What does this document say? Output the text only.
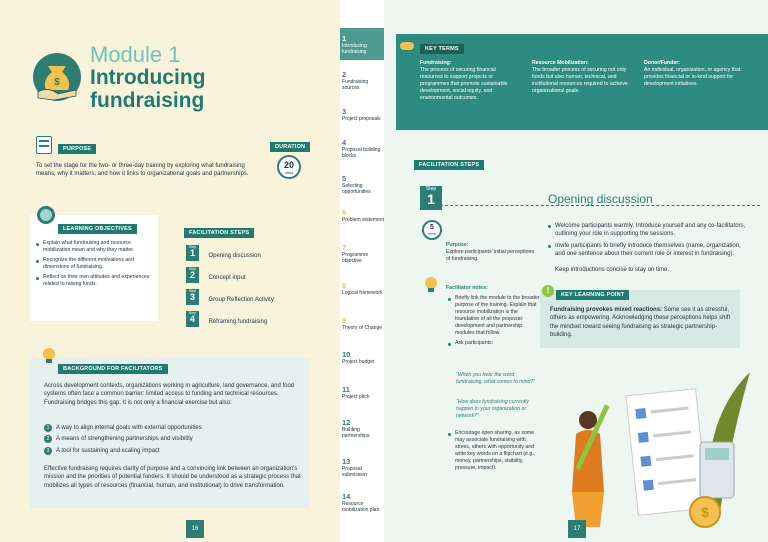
$
Module 1
Introducing
fundraising
PURPOSE
To set the stage for the two- or three-day training by exploring what fundraising means, why it matters, and how it links to organizational goals and partnerships.
DURATION
20
mins
LEARNING OBJECTIVES
Explain what fundraising and resource mobilization mean and why they matter.
Recognize the different motivations and dimensions of fundraising.
Reflect on their own attitudes and experiences related to raising funds.
FACILITATION STEPS
Step
1	Opening discussion
Step
2	Concept input
Step
3	Group Reflection Activity
Step
4	Reframing fundraising
BACKGROUND FOR FACILITATORS
Across development contexts, organizations working in agriculture, land governance, and food systems often face a common barrier: limited access to funding and technical resources. Fundraising bridges this gap. It is not only a financial exercise but also:
1 A way to align internal goals with external opportunities
2 A means of strengthening partnerships and visibility
3 A tool for sustaining and scaling impact
Effective fundraising requires clarity of purpose and a convincing link between an organization’s mission and the priorities of potential funders. It should be understood as a strategic process that mobilizes all types of resources (financial, human, and institutional) to drive transformation.
16
1
Introducing fundraising
2
Fundraising sources
3
Project proposals
4
Proposal building blocks
5
Selecting opportunities
6
Problem statement
7
Programme objective
8
Logical framework
9
Theory of Change
10
Project budget
11
Project pitch
12
Building partnerships
13
Proposal submission
14
Resource mobilization plan
KEY TERMS
Fundraising:
The process of securing financial resources to support projects or programmes that promote sustainable development, social equity, and environmental outcomes.
Resource Mobilization:
The broader process of securing not only funds but also human, technical, and institutional resources required to achieve organizational goals.
Donor/Funder:
An individual, organization, or agency that provides financial or in-kind support for development initiatives.
FACILITATION STEPS
Step
1	Opening discussion
5
mins
Purpose:
Explore participants’ initial perceptions of fundraising.
Facilitator notes:
Briefly link the module to the broader purpose of the training. Explain that resource mobilization is the foundation of all the proposal-development and partnership modules that follow.
Ask participants:
“When you hear the word fundraising, what comes to mind?”
“How does fundraising currently happen in your organization or network?”
Encourage open sharing, as some may associate fundraising with stress, others with opportunity and write key words on a flipchart (e.g., money, partnerships, visibility, pressure, impact).
Welcome participants warmly. Introduce yourself and any co-facilitators, outlining your role in supporting the sessions.
Invite participants to briefly introduce themselves (name, organization, and one sentence about their current role or interest in fundraising).
Keep introductions concise to stay on time.
!	KEY LEARNING POINT
Fundraising provokes mixed reactions: Some see it as stressful, others as empowering. Acknowledging these perceptions helps shift the mindset toward seeing fundraising as strategic partnership-building.
$
17
